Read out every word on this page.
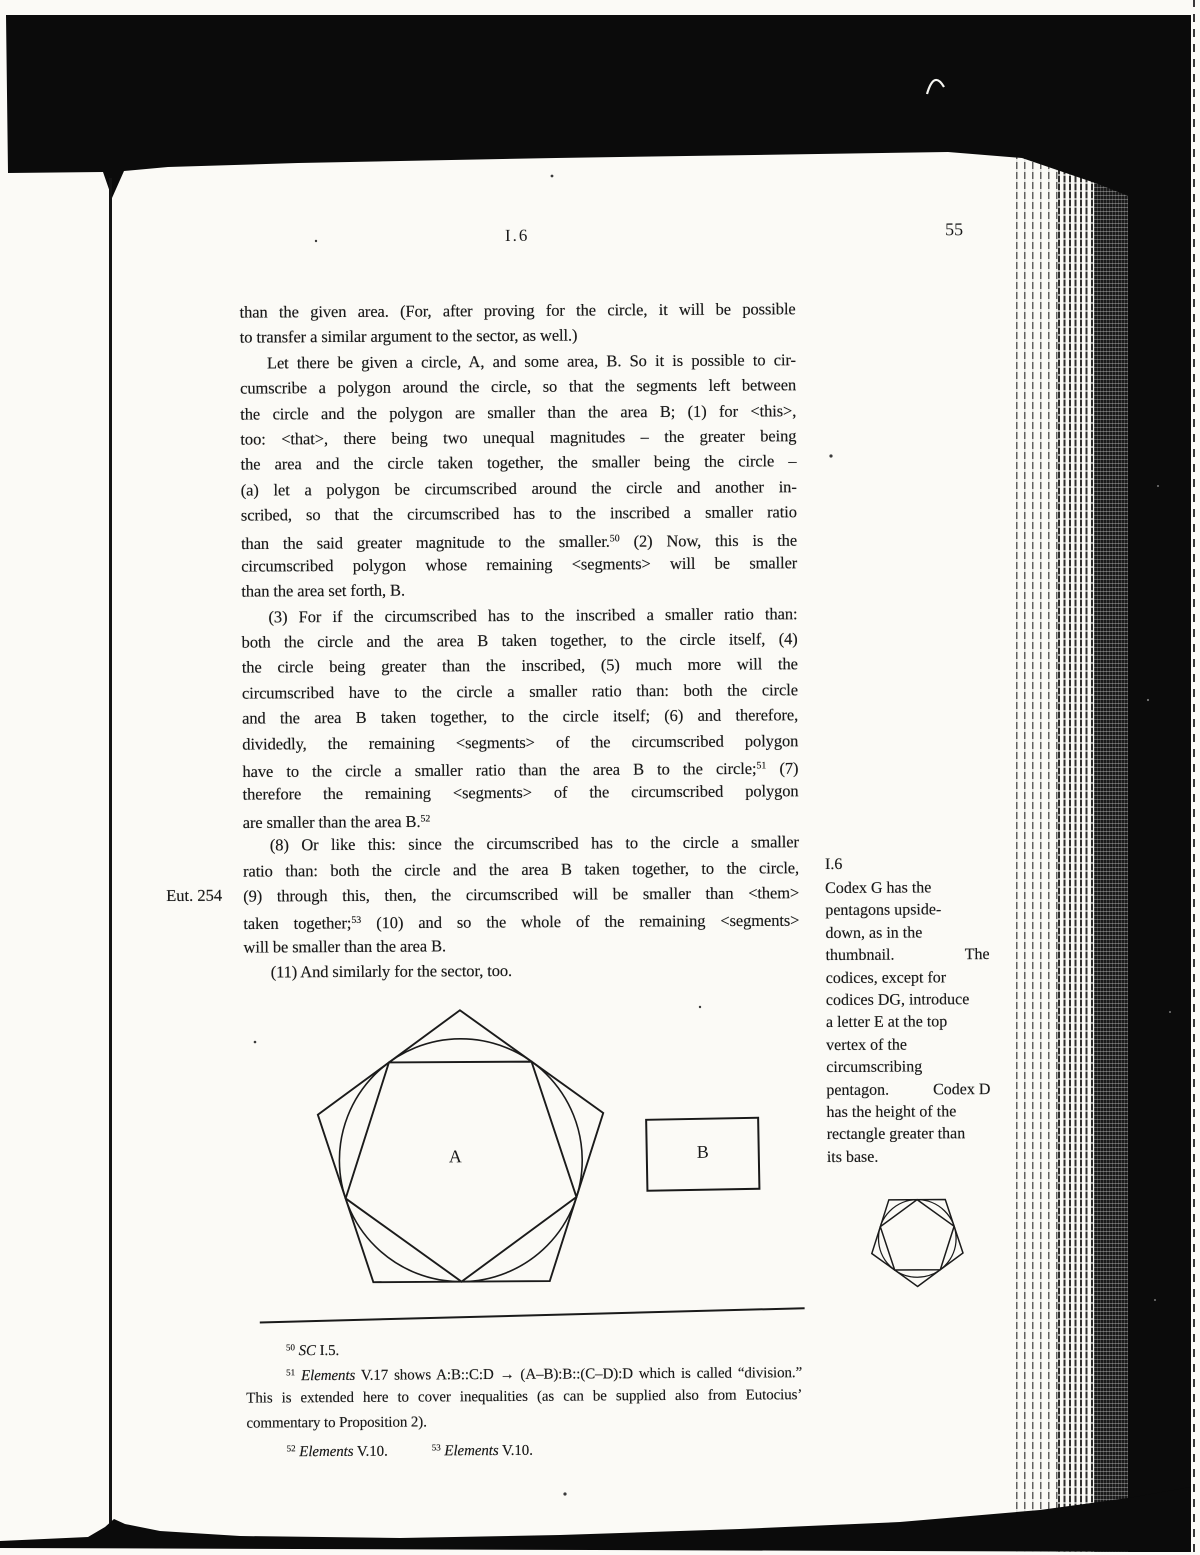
I.6	55
than the given area. (For, after proving for the circle, it will be possible
to transfer a similar argument to the sector, as well.)
Let there be given a circle, A, and some area, B. So it is possible to cir-
cumscribe a polygon around the circle, so that the segments left between
the circle and the polygon are smaller than the area B; (1) for <this>,
too: <that>, there being two unequal magnitudes – the greater being
the area and the circle taken together, the smaller being the circle –
(a) let a polygon be circumscribed around the circle and another in-
scribed, so that the circumscribed has to the inscribed a smaller ratio
than the said greater magnitude to the smaller.$^{50}$ (2) Now, this is the
circumscribed polygon whose remaining <segments> will be smaller
than the area set forth, B.
(3) For if the circumscribed has to the inscribed a smaller ratio than:
both the circle and the area B taken together, to the circle itself, (4)
the circle being greater than the inscribed, (5) much more will the
circumscribed have to the circle a smaller ratio than: both the circle
and the area B taken together, to the circle itself; (6) and therefore,
dividedly, the remaining <segments> of the circumscribed polygon
have to the circle a smaller ratio than the area B to the circle;$^{51}$ (7)
therefore the remaining <segments> of the circumscribed polygon
are smaller than the area B.$^{52}$
(8) Or like this: since the circumscribed has to the circle a smaller
ratio than: both the circle and the area B taken together, to the circle,
(9) through this, then, the circumscribed will be smaller than <them>
taken together;$^{53}$ (10) and so the whole of the remaining <segments>
will be smaller than the area B.
(11) And similarly for the sector, too.
Eut. 254
I.6
Codex G has the
pentagons upside-
down, as in the
thumbnail.	The
codices, except for
codices DG, introduce
a letter E at the top
vertex of the
circumscribing
pentagon.	Codex D
has the height of the
rectangle greater than
its base.
A	B
$^{50}$ SC I.5.
$^{51}$ Elements V.17 shows A:B::C:D → (A–B):B::(C–D):D which is called “division.”
This is extended here to cover inequalities (as can be supplied also from Eutocius’
commentary to Proposition 2).
$^{52}$ Elements V.10.	$^{53}$ Elements V.10.
